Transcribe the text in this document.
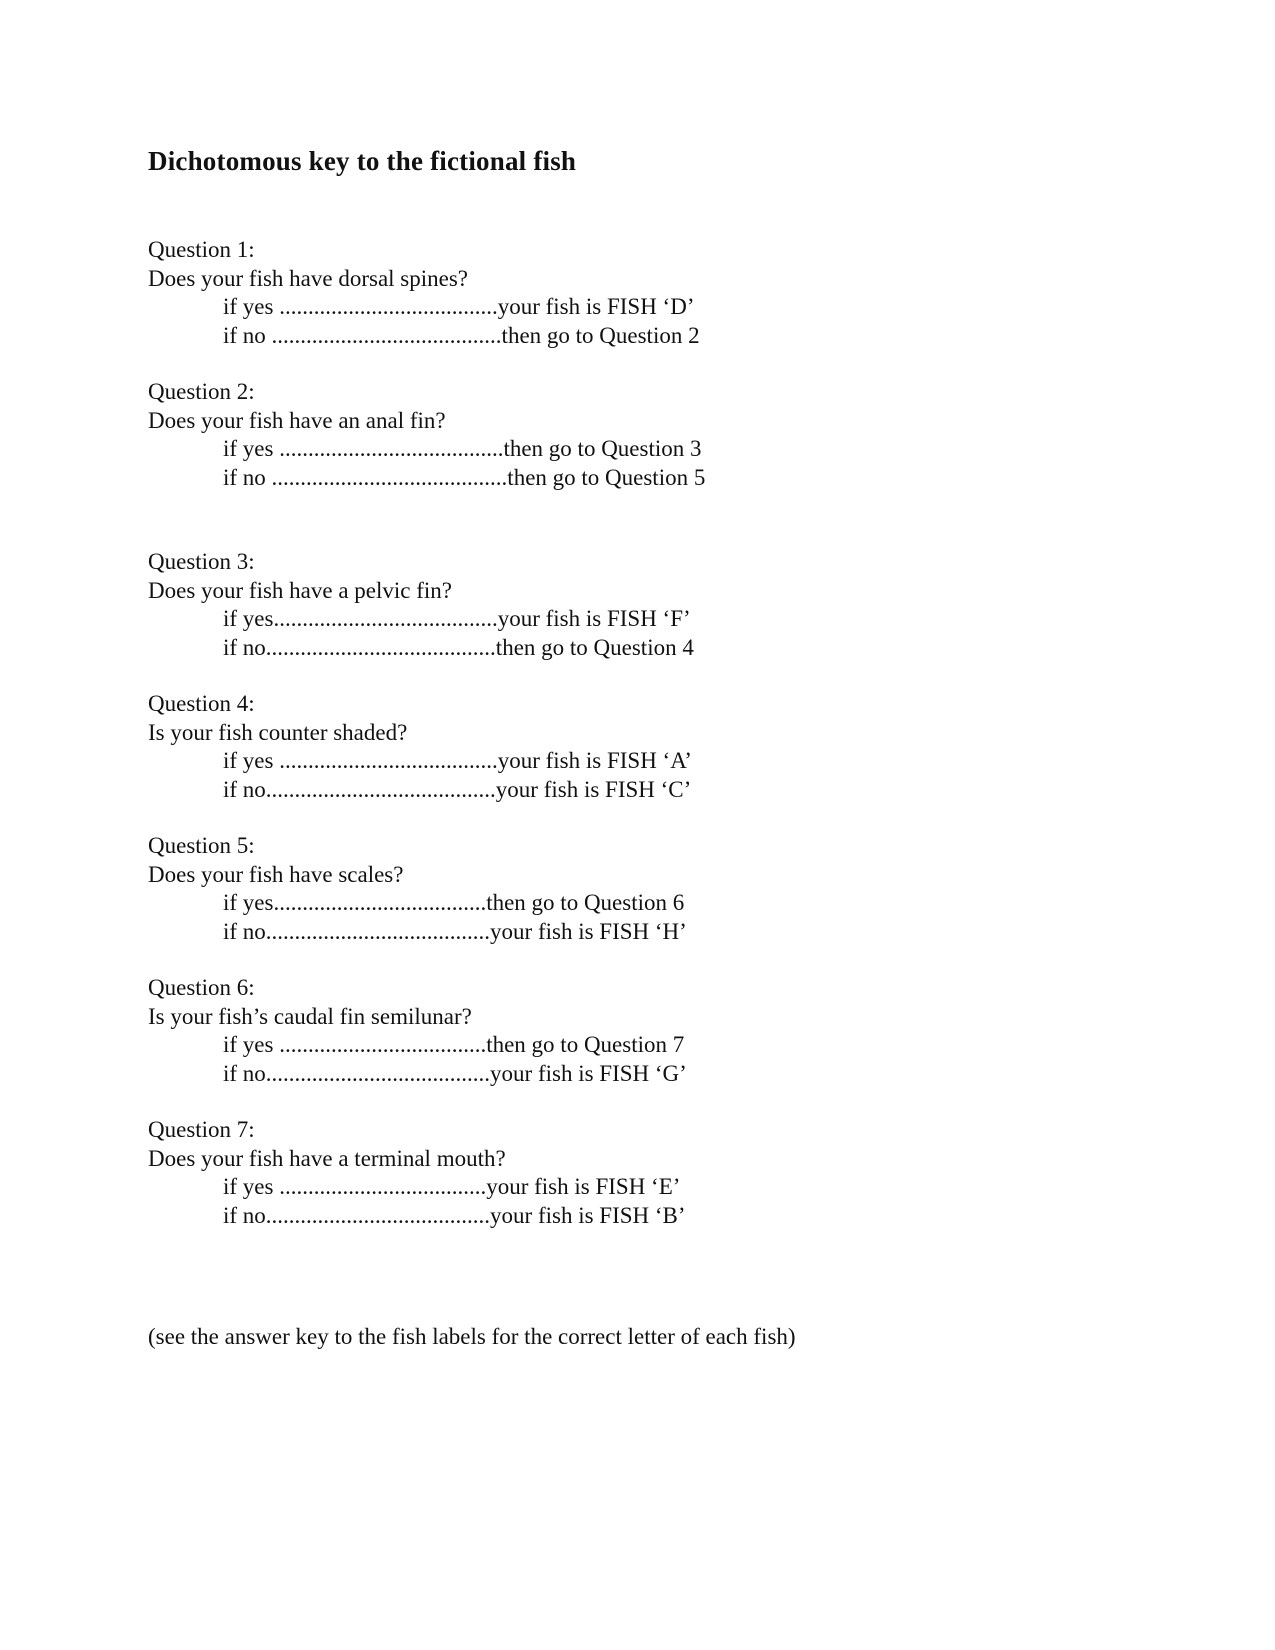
Dichotomous key to the fictional fish
Question 1:
Does your fish have dorsal spines?
if yes ......................................your fish is FISH ‘D’
if no ........................................then go to Question 2
Question 2:
Does your fish have an anal fin?
if yes .......................................then go to Question 3
if no .........................................then go to Question 5
Question 3:
Does your fish have a pelvic fin?
if yes.......................................your fish is FISH ‘F’
if no........................................then go to Question 4
Question 4:
Is your fish counter shaded?
if yes ......................................your fish is FISH ‘A’
if no........................................your fish is FISH ‘C’
Question 5:
Does your fish have scales?
if yes.....................................then go to Question 6
if no.......................................your fish is FISH ‘H’
Question 6:
Is your fish’s caudal fin semilunar?
if yes ....................................then go to Question 7
if no.......................................your fish is FISH ‘G’
Question 7:
Does your fish have a terminal mouth?
if yes ....................................your fish is FISH ‘E’
if no.......................................your fish is FISH ‘B’
(see the answer key to the fish labels for the correct letter of each fish)
